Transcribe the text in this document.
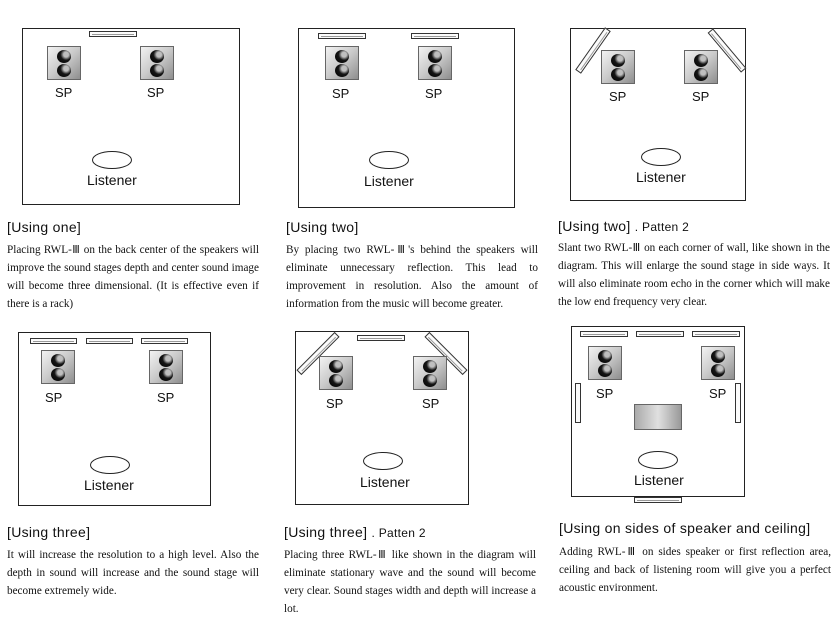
SP	SP
Listener
SP	SP
Listener
SP	SP
Listener
SP	SP
Listener
SP	SP
Listener
SP	SP
Listener
[Using one]	[Using two]	[Using two] . Patten 2
[Using three]	[Using three] . Patten 2	[Using on sides of speaker and ceiling]
Placing RWL-Ⅲ on the back center of the speakers will improve the sound stages depth and center sound image will become three dimensional. (It is effective even if there is a rack)
By placing two RWL-Ⅲ's behind the speakers will eliminate unnecessary reflection. This lead to improvement in resolution. Also the amount of information from the music will become greater.
Slant two RWL-Ⅲ on each corner of wall, like shown in the diagram. This will enlarge the sound stage in side ways. It will also eliminate room echo in the corner which will make the low end frequency very clear.
It will increase the resolution to a high level. Also the depth in sound will increase and the sound stage will become extremely wide.
Placing three RWL-Ⅲ like shown in the diagram will eliminate stationary wave and the sound will become very clear. Sound stages width and depth will increase a lot.
Adding RWL-Ⅲ on sides speaker or first reflection area, ceiling and back of listening room will give you a perfect acoustic environment.
